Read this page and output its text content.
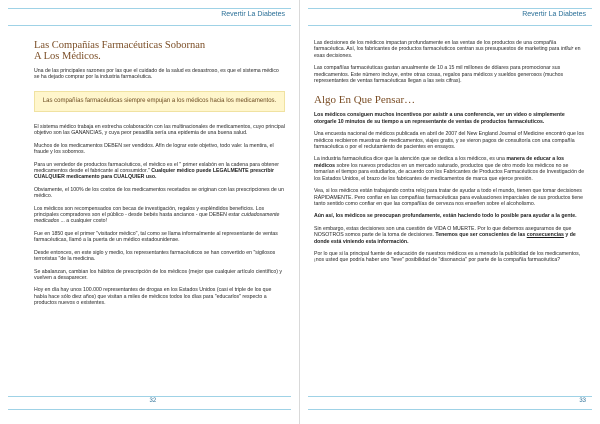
Revertir La Diabetes
Las Compañías Farmacéuticas Sobornan
A Los Médicos.

Una de las principales razones por las que el cuidado de la salud es desastroso, es que el sistema médico se ha dejado comprar por la industria farmacéutica.

Las compañías farmacéuticas siempre empujan a los médicos hacia los medicamentos.

El sistema médico trabaja en estrecha colaboración con las multinacionales de medicamentos, cuyo principal objetivo son las GANANCIAS, y cuya peor pesadilla sería una epidemia de una buena salud.

Muchos de los medicamentos DEBEN ser vendidos. Afín de lograr este objetivo, todo vale: la mentira, el fraude y los sobornos.

Para un vendedor de productos farmacéuticos, el médico es el " primer eslabón en la cadena para obtener medicamentos desde el fabricante al consumidor." Cualquier médico puede LEGALMENTE prescribir CUALQUIER medicamento para CUALQUIER uso.

Obviamente, el 100% de los costos de los medicamentos recetados se originan con las prescripciones de un médico.

Los médicos son recompensados con becas de investigación, regalos y espléndidos beneficios. Los principales compradores son el público - desde bebés hasta ancianos - que DEBEN estar cuidadosamente medicados ... a cualquier costo!

Fue en 1850 que el primer "visitador médico", tal como se llama informalmente al representante de ventas farmacéuticas, llamó a la puerta de un médico estadounidense.

Desde entonces, en este siglo y medio, los representantes farmacéuticos se han convertido en "sigilosos terroristas "de la medicina.

Se abalanzan, cambian los hábitos de prescripción de los médicos (mejor que cualquier artículo científico) y vuelven a desaparecer.

Hoy en día hay unos 100.000 representantes de drogas en los Estados Unidos (casi el triple de los que había hace sólo diez años) que visitan a miles de médicos todos los días para "educarlos" respecto a productos nuevos o existentes.

32
Revertir La Diabetes

Las decisiones de los médicos impactan profundamente en las ventas de los productos de una compañía farmacéutica. Así, los fabricantes de productos farmacéuticos centran sus presupuestos de marketing para influir en esas decisiones.

Las compañías farmacéuticas gastan anualmente de 10 a 15 mil millones de dólares para promocionar sus medicamentos. Este número incluye, entre otras cosas, regalos para médicos y sueldos generosos (muchos representantes de ventas farmacéuticas llegan a las seis cifras).

Algo En Que Pensar…

Los médicos consiguen muchos incentivos por asistir a una conferencia, ver un video o simplemente otorgarle 10 minutos de su tiempo a un representante de ventas de productos farmacéuticos.

Una encuesta nacional de médicos publicada en abril de 2007 del New England Journal of Medicine encontró que los médicos recibieron muestras de medicamentos, viajes gratis, y se vieron pagos de consultoría con una compañía farmacéutica o por el reclutamiento de pacientes en ensayos.

La industria farmacéutica dice que la atención que se dedica a los médicos, es una manera de educar a los médicos sobre los nuevos productos en un mercado saturado, productos que de otro modo los médicos no se tomarían el tiempo para estudiarlos, de acuerdo con los Fabricantes de Productos Farmacéuticos de Investigación de los Estados Unidos, el brazo de los fabricantes de medicamentos de marca que ejerce presión.

Vea, si los médicos están trabajando contra reloj para tratar de ayudar a todo el mundo, tienen que tomar decisiones RÁPIDAMENTE. Pero confiar en las compañías farmacéuticas para evaluaciones imparciales de sus productos tiene tanto sentido como confiar en que las compañías de cerveza nos enseñen sobre el alcoholismo.

Aún así, los médicos se preocupan profundamente, están haciendo todo lo posible para ayudar a la gente.

Sin embargo, estas decisiones son una cuestión de VIDA O MUERTE. Por lo que debemos asegurarnos de que NOSOTROS somos parte de la toma de decisiones. Tenemos que ser conscientes de las consecuencias y de donde está viniendo esta información.

Por lo que si la principal fuente de educación de nuestros médicos es a menudo la publicidad de los medicamentos, ¡nos usted que podría haber uno "leve" posibilidad de "disonancia" por parte de la compañía farmacéutica?

33
